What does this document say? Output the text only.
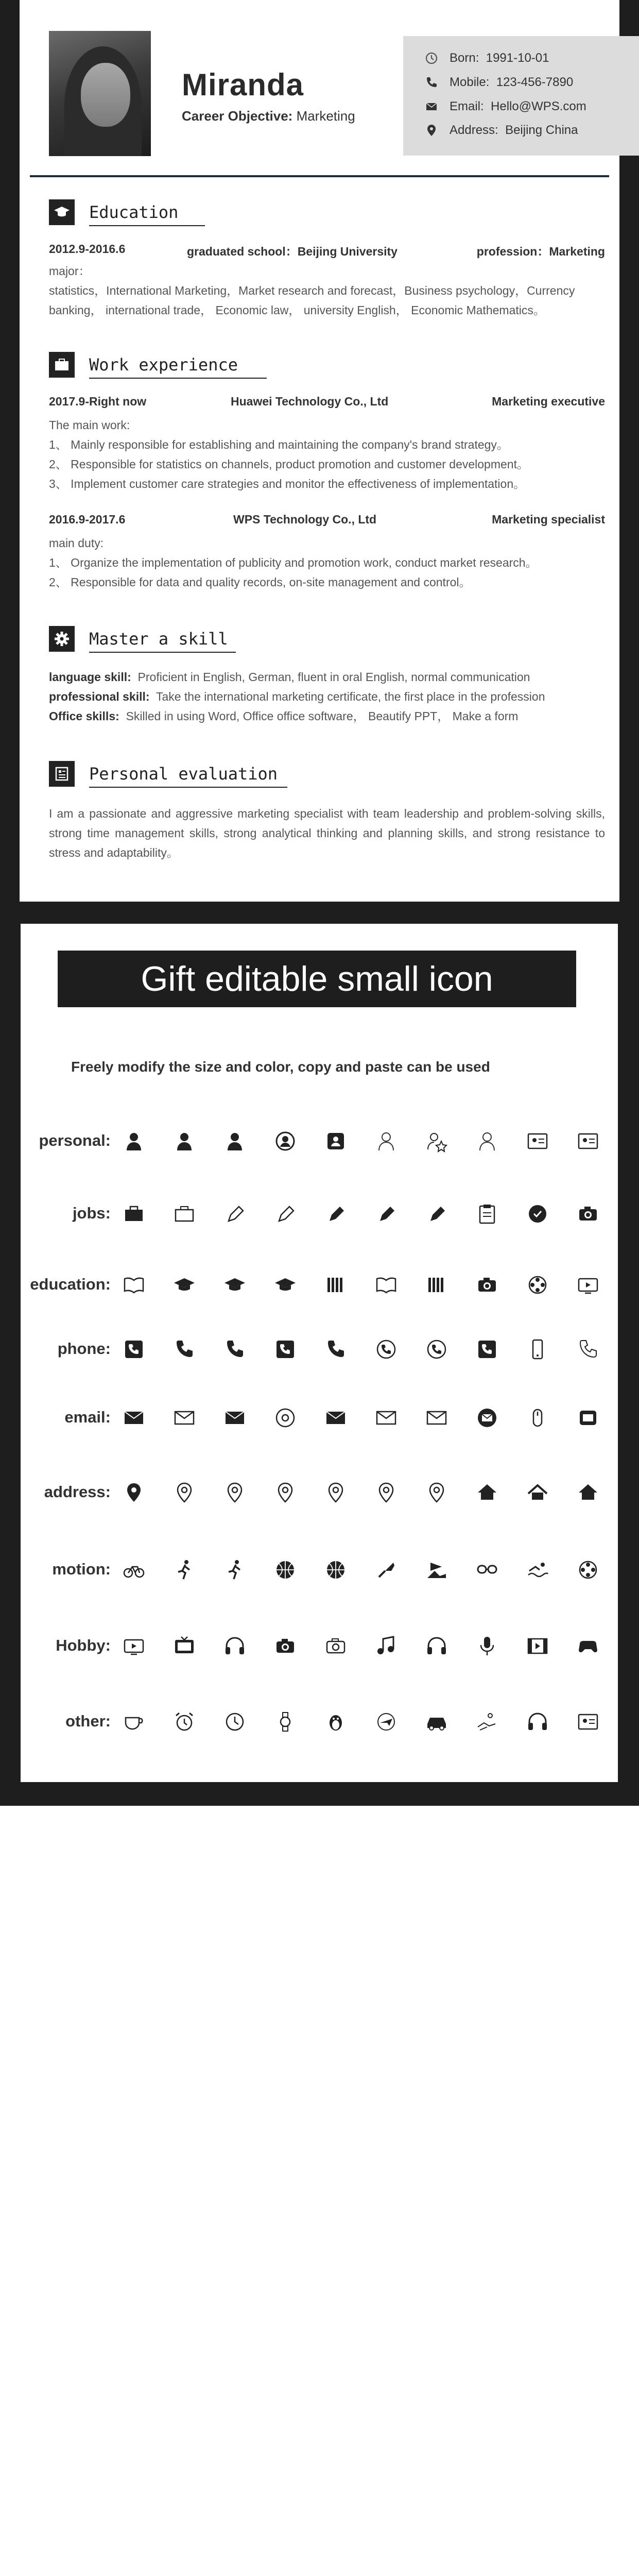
Miranda
Career Objective: Marketing
Born:
1991-10-01
Mobile:
123-456-7890
Email:
Hello@WPS.com
Address:
Beijing China
Education
2012.9-2016.6	graduated school：Beijing University	profession：Marketing
major：
statistics，International Marketing，Market research and forecast，Business psychology，Currency banking， international trade， Economic law， university English， Economic Mathematics。
Work experience
2017.9-Right now	Huawei Technology Co., Ltd	Marketing executive
The main work:
1、 Mainly responsible for establishing and maintaining the company's brand strategy。
2、 Responsible for statistics on channels, product promotion and customer development。
3、 Implement customer care strategies and monitor the effectiveness of implementation。
2016.9-2017.6	WPS Technology Co., Ltd	Marketing specialist
main duty:
1、 Organize the implementation of publicity and promotion work, conduct market research。
2、 Responsible for data and quality records, on-site management and control。
Master a skill
language skill: Proficient in English, German, fluent in oral English, normal communication
professional skill: Take the international marketing certificate, the first place in the profession
Office skills: Skilled in using Word, Office office software， Beautify PPT， Make a form
Personal evaluation
I am a passionate and aggressive marketing specialist with team leadership and problem-solving skills, strong time management skills, strong analytical thinking and planning skills, and strong resistance to stress and adaptability。
Gift editable small icon
Freely modify the size and color, copy and paste can be used
personal:
jobs:
education:
phone:
email:
address:
motion:
Hobby:
other:
